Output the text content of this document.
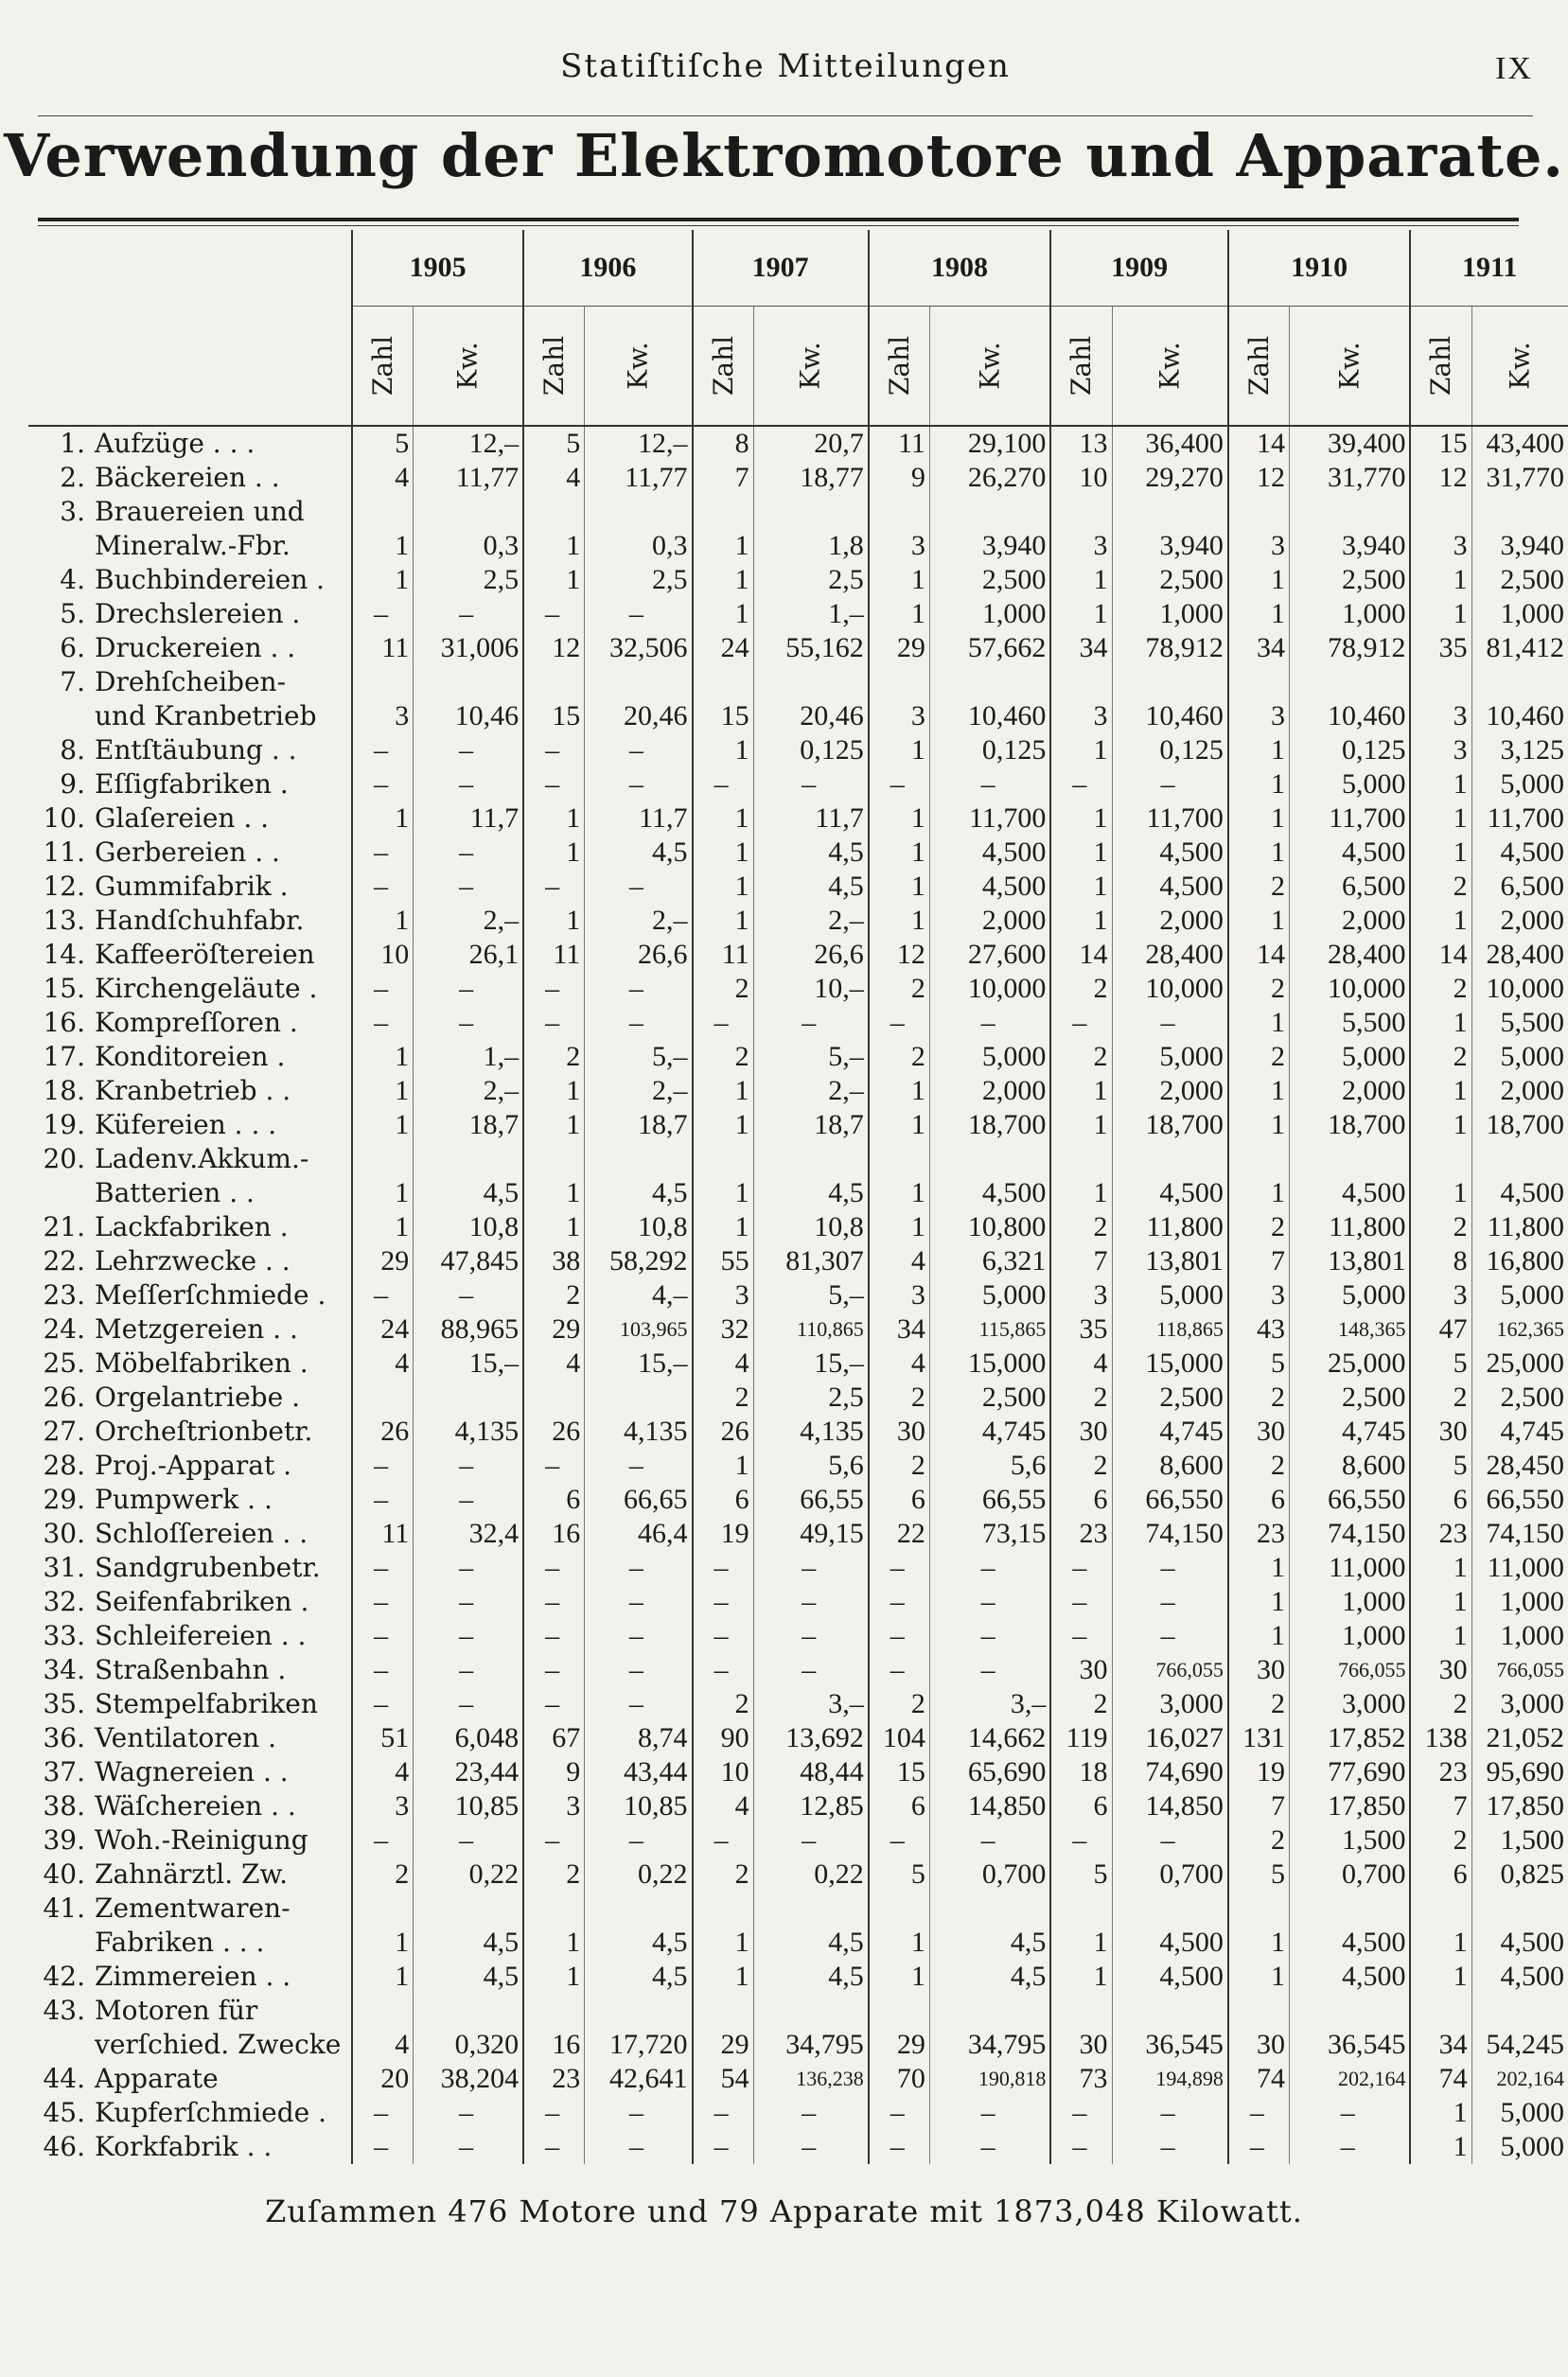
Statiſtiſche Mitteilungen	IX
Verwendung der Elektromotore und Apparate.
	1905		1906		1907		1908		1909		1910		1911	
	Zahl	Kw.	Zahl	Kw.	Zahl	Kw.	Zahl	Kw.	Zahl	Kw.	Zahl	Kw.	Zahl	Kw.
1. Aufzüge . . .	5	12,–	5	12,–	8	20,7	11	29,100	13	36,400	14	39,400	15	43,400
2. Bäckereien . .	4	11,77	4	11,77	7	18,77	9	26,270	10	29,270	12	31,770	12	31,770
3. Brauereien und														
Mineralw.-Fbr.	1	0,3	1	0,3	1	1,8	3	3,940	3	3,940	3	3,940	3	3,940
4. Buchbindereien .	1	2,5	1	2,5	1	2,5	1	2,500	1	2,500	1	2,500	1	2,500
5. Drechslereien .	–	–	–	–	1	1,–	1	1,000	1	1,000	1	1,000	1	1,000
6. Druckereien . .	11	31,006	12	32,506	24	55,162	29	57,662	34	78,912	34	78,912	35	81,412
7. Drehſcheiben-														
und Kranbetrieb	3	10,46	15	20,46	15	20,46	3	10,460	3	10,460	3	10,460	3	10,460
8. Entſtäubung . .	–	–	–	–	1	0,125	1	0,125	1	0,125	1	0,125	3	3,125
9. Eſſigfabriken .	–	–	–	–	–	–	–	–	–	–	1	5,000	1	5,000
10. Glaſereien . .	1	11,7	1	11,7	1	11,7	1	11,700	1	11,700	1	11,700	1	11,700
11. Gerbereien . .	–	–	1	4,5	1	4,5	1	4,500	1	4,500	1	4,500	1	4,500
12. Gummifabrik .	–	–	–	–	1	4,5	1	4,500	1	4,500	2	6,500	2	6,500
13. Handſchuhfabr.	1	2,–	1	2,–	1	2,–	1	2,000	1	2,000	1	2,000	1	2,000
14. Kaffeeröſtereien	10	26,1	11	26,6	11	26,6	12	27,600	14	28,400	14	28,400	14	28,400
15. Kirchengeläute .	–	–	–	–	2	10,–	2	10,000	2	10,000	2	10,000	2	10,000
16. Kompreſſoren .	–	–	–	–	–	–	–	–	–	–	1	5,500	1	5,500
17. Konditoreien .	1	1,–	2	5,–	2	5,–	2	5,000	2	5,000	2	5,000	2	5,000
18. Kranbetrieb . .	1	2,–	1	2,–	1	2,–	1	2,000	1	2,000	1	2,000	1	2,000
19. Küfereien . . .	1	18,7	1	18,7	1	18,7	1	18,700	1	18,700	1	18,700	1	18,700
20. Ladenv.Akkum.-														
Batterien . .	1	4,5	1	4,5	1	4,5	1	4,500	1	4,500	1	4,500	1	4,500
21. Lackfabriken .	1	10,8	1	10,8	1	10,8	1	10,800	2	11,800	2	11,800	2	11,800
22. Lehrzwecke . .	29	47,845	38	58,292	55	81,307	4	6,321	7	13,801	7	13,801	8	16,800
23. Meſſerſchmiede .	–	–	2	4,–	3	5,–	3	5,000	3	5,000	3	5,000	3	5,000
24. Metzgereien . .	24	88,965	29	103,965	32	110,865	34	115,865	35	118,865	43	148,365	47	162,365
25. Möbelfabriken .	4	15,–	4	15,–	4	15,–	4	15,000	4	15,000	5	25,000	5	25,000
26. Orgelantriebe .					2	2,5	2	2,500	2	2,500	2	2,500	2	2,500
27. Orcheſtrionbetr.	26	4,135	26	4,135	26	4,135	30	4,745	30	4,745	30	4,745	30	4,745
28. Proj.-Apparat .	–	–	–	–	1	5,6	2	5,6	2	8,600	2	8,600	5	28,450
29. Pumpwerk . .	–	–	6	66,65	6	66,55	6	66,55	6	66,550	6	66,550	6	66,550
30. Schloſſereien . .	11	32,4	16	46,4	19	49,15	22	73,15	23	74,150	23	74,150	23	74,150
31. Sandgrubenbetr.	–	–	–	–	–	–	–	–	–	–	1	11,000	1	11,000
32. Seifenfabriken .	–	–	–	–	–	–	–	–	–	–	1	1,000	1	1,000
33. Schleifereien . .	–	–	–	–	–	–	–	–	–	–	1	1,000	1	1,000
34. Straßenbahn .	–	–	–	–	–	–	–	–	30	766,055	30	766,055	30	766,055
35. Stempelfabriken	–	–	–	–	2	3,–	2	3,–	2	3,000	2	3,000	2	3,000
36. Ventilatoren .	51	6,048	67	8,74	90	13,692	104	14,662	119	16,027	131	17,852	138	21,052
37. Wagnereien . .	4	23,44	9	43,44	10	48,44	15	65,690	18	74,690	19	77,690	23	95,690
38. Wäſchereien . .	3	10,85	3	10,85	4	12,85	6	14,850	6	14,850	7	17,850	7	17,850
39. Woh.-Reinigung	–	–	–	–	–	–	–	–	–	–	2	1,500	2	1,500
40. Zahnärztl. Zw.	2	0,22	2	0,22	2	0,22	5	0,700	5	0,700	5	0,700	6	0,825
41. Zementwaren-														
Fabriken . . .	1	4,5	1	4,5	1	4,5	1	4,5	1	4,500	1	4,500	1	4,500
42. Zimmereien . .	1	4,5	1	4,5	1	4,5	1	4,5	1	4,500	1	4,500	1	4,500
43. Motoren für														
verſchied. Zwecke	4	0,320	16	17,720	29	34,795	29	34,795	30	36,545	30	36,545	34	54,245
44. Apparate	20	38,204	23	42,641	54	136,238	70	190,818	73	194,898	74	202,164	74	202,164
45. Kupferſchmiede .	–	–	–	–	–	–	–	–	–	–	–	–	1	5,000
46. Korkfabrik . .	–	–	–	–	–	–	–	–	–	–	–	–	1	5,000
Zuſammen 476 Motore und 79 Apparate mit 1873,048 Kilowatt.
